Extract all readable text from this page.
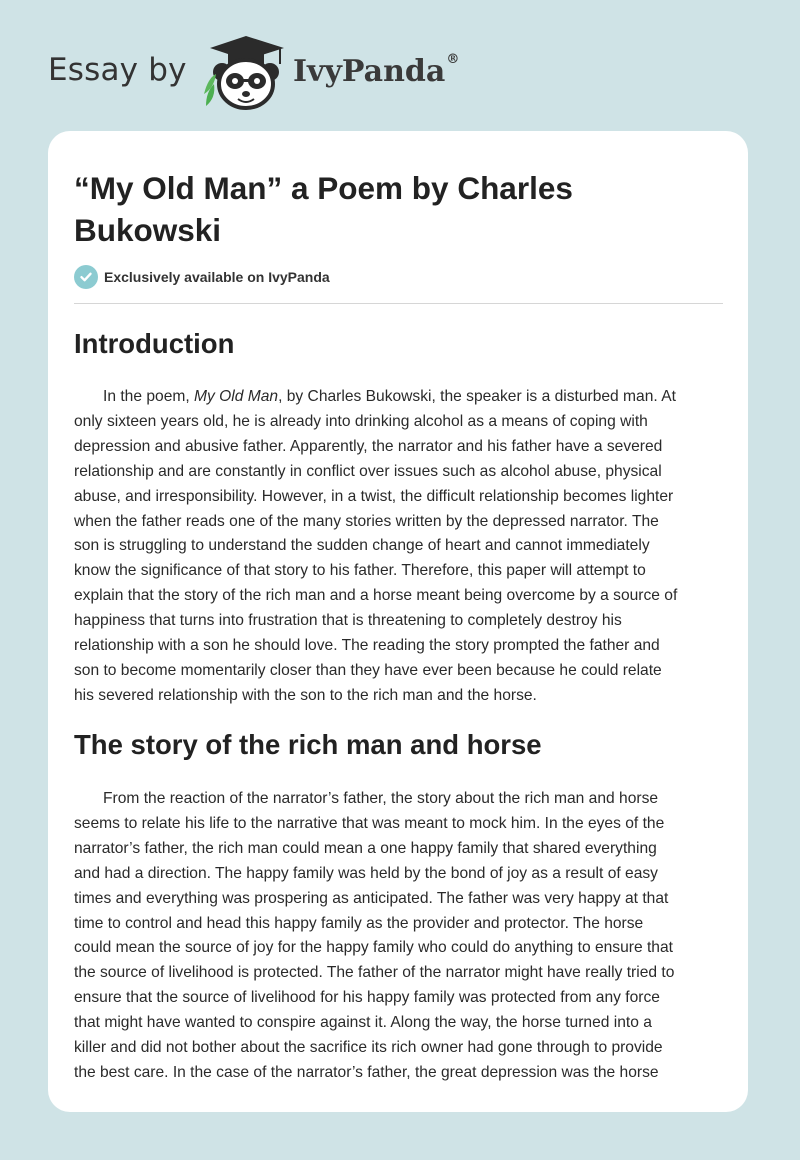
Essay by	IvyPanda®
“My Old Man” a Poem by Charles
Bukowski
Exclusively available on IvyPanda
Introduction
In the poem, My Old Man, by Charles Bukowski, the speaker is a disturbed man. At
only sixteen years old, he is already into drinking alcohol as a means of coping with
depression and abusive father. Apparently, the narrator and his father have a severed
relationship and are constantly in conflict over issues such as alcohol abuse, physical
abuse, and irresponsibility. However, in a twist, the difficult relationship becomes lighter
when the father reads one of the many stories written by the depressed narrator. The
son is struggling to understand the sudden change of heart and cannot immediately
know the significance of that story to his father. Therefore, this paper will attempt to
explain that the story of the rich man and a horse meant being overcome by a source of
happiness that turns into frustration that is threatening to completely destroy his
relationship with a son he should love. The reading the story prompted the father and
son to become momentarily closer than they have ever been because he could relate
his severed relationship with the son to the rich man and the horse.
The story of the rich man and horse
From the reaction of the narrator’s father, the story about the rich man and horse
seems to relate his life to the narrative that was meant to mock him. In the eyes of the
narrator’s father, the rich man could mean a one happy family that shared everything
and had a direction. The happy family was held by the bond of joy as a result of easy
times and everything was prospering as anticipated. The father was very happy at that
time to control and head this happy family as the provider and protector. The horse
could mean the source of joy for the happy family who could do anything to ensure that
the source of livelihood is protected. The father of the narrator might have really tried to
ensure that the source of livelihood for his happy family was protected from any force
that might have wanted to conspire against it. Along the way, the horse turned into a
killer and did not bother about the sacrifice its rich owner had gone through to provide
the best care. In the case of the narrator’s father, the great depression was the horse
